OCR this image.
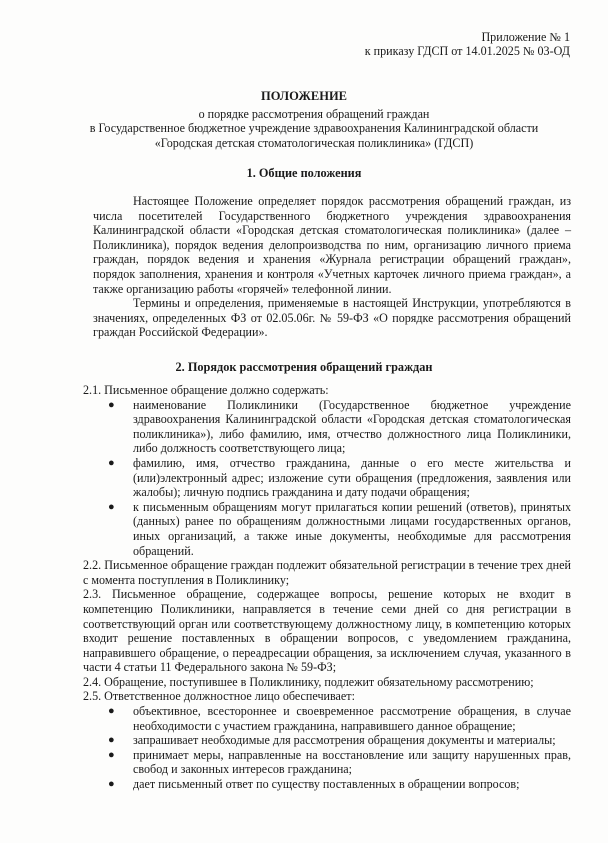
Приложение № 1
к приказу ГДСП от 14.01.2025 № 03-ОД
ПОЛОЖЕНИЕ
о порядке рассмотрения обращений граждан
в Государственное бюджетное учреждение здравоохранения Калининградской области
«Городская детская стоматологическая поликлиника» (ГДСП)
1. Общие положения

Настоящее Положение определяет порядок рассмотрения обращений граждан, из числа посетителей Государственного бюджетного учреждения здравоохранения Калининградской области «Городская детская стоматологическая поликлиника» (далее – Поликлиника), порядок ведения делопроизводства по ним, организацию личного приема граждан, порядок ведения и хранения «Журнала регистрации обращений граждан», порядок заполнения, хранения и контроля «Учетных карточек личного приема граждан», а также организацию работы «горячей» телефонной линии.

Термины и определения, применяемые в настоящей Инструкции, употребляются в значениях, определенных ФЗ от 02.05.06г. № 59-ФЗ «О порядке рассмотрения обращений граждан Российской Федерации».

2. Порядок рассмотрения обращений граждан

2.1. Письменное обращение должно содержать:

● наименование Поликлиники (Государственное бюджетное учреждение здравоохранения Калининградской области «Городская детская стоматологическая поликлиника»), либо фамилию, имя, отчество должностного лица Поликлиники, либо должность соответствующего лица;
● фамилию, имя, отчество гражданина, данные о его месте жительства и (или)электронный адрес; изложение сути обращения (предложения, заявления или жалобы); личную подпись гражданина и дату подачи обращения;
● к письменным обращениям могут прилагаться копии решений (ответов), принятых (данных) ранее по обращениям должностными лицами государственных органов, иных организаций, а также иные документы, необходимые для рассмотрения обращений.

2.2. Письменное обращение граждан подлежит обязательной регистрации в течение трех дней с момента поступления в Поликлинику;

2.3. Письменное обращение, содержащее вопросы, решение которых не входит в компетенцию Поликлиники, направляется в течение семи дней со дня регистрации в соответствующий орган или соответствующему должностному лицу, в компетенцию которых входит решение поставленных в обращении вопросов, с уведомлением гражданина, направившего обращение, о переадресации обращения, за исключением случая, указанного в части 4 статьи 11 Федерального закона № 59-ФЗ;

2.4. Обращение, поступившее в Поликлинику, подлежит обязательному рассмотрению;

2.5. Ответственное должностное лицо обеспечивает:

● объективное, всестороннее и своевременное рассмотрение обращения, в случае необходимости с участием гражданина, направившего данное обращение;
● запрашивает необходимые для рассмотрения обращения документы и материалы;
● принимает меры, направленные на восстановление или защиту нарушенных прав, свобод и законных интересов гражданина;
● дает письменный ответ по существу поставленных в обращении вопросов;
